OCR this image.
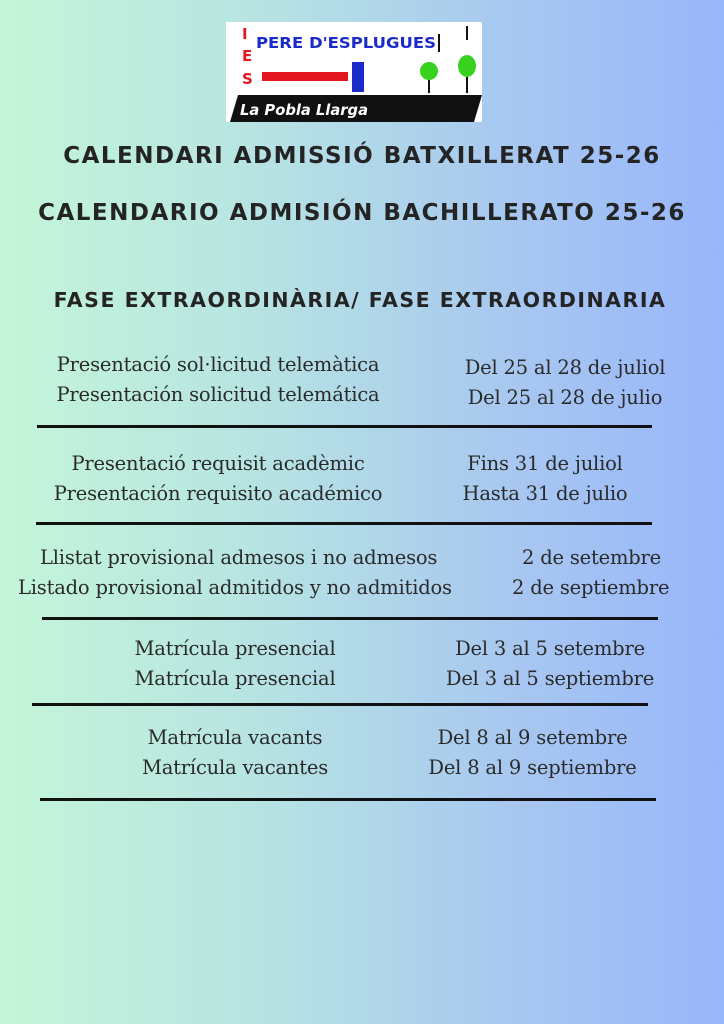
I
E
S
PERE D'ESPLUGUES
La Pobla Llarga
CALENDARI ADMISSIÓ BATXILLERAT 25-26
CALENDARIO ADMISIÓN BACHILLERATO 25-26
FASE EXTRAORDINÀRIA/ FASE EXTRAORDINARIA
Presentació sol·licitud telemàtica
Presentación solicitud telemática
Del 25 al 28 de juliol
Del 25 al 28 de julio
Presentació requisit acadèmic
Presentación requisito académico
Fins 31 de juliol
Hasta 31 de julio
Llistat provisional admesos i no admesos
Listado provisional admitidos y no admitidos
2 de setembre
2 de septiembre
Matrícula presencial
Matrícula presencial
Del 3 al 5 setembre
Del 3 al 5 septiembre
Matrícula vacants
Matrícula vacantes
Del 8 al 9 setembre
Del 8 al 9 septiembre
